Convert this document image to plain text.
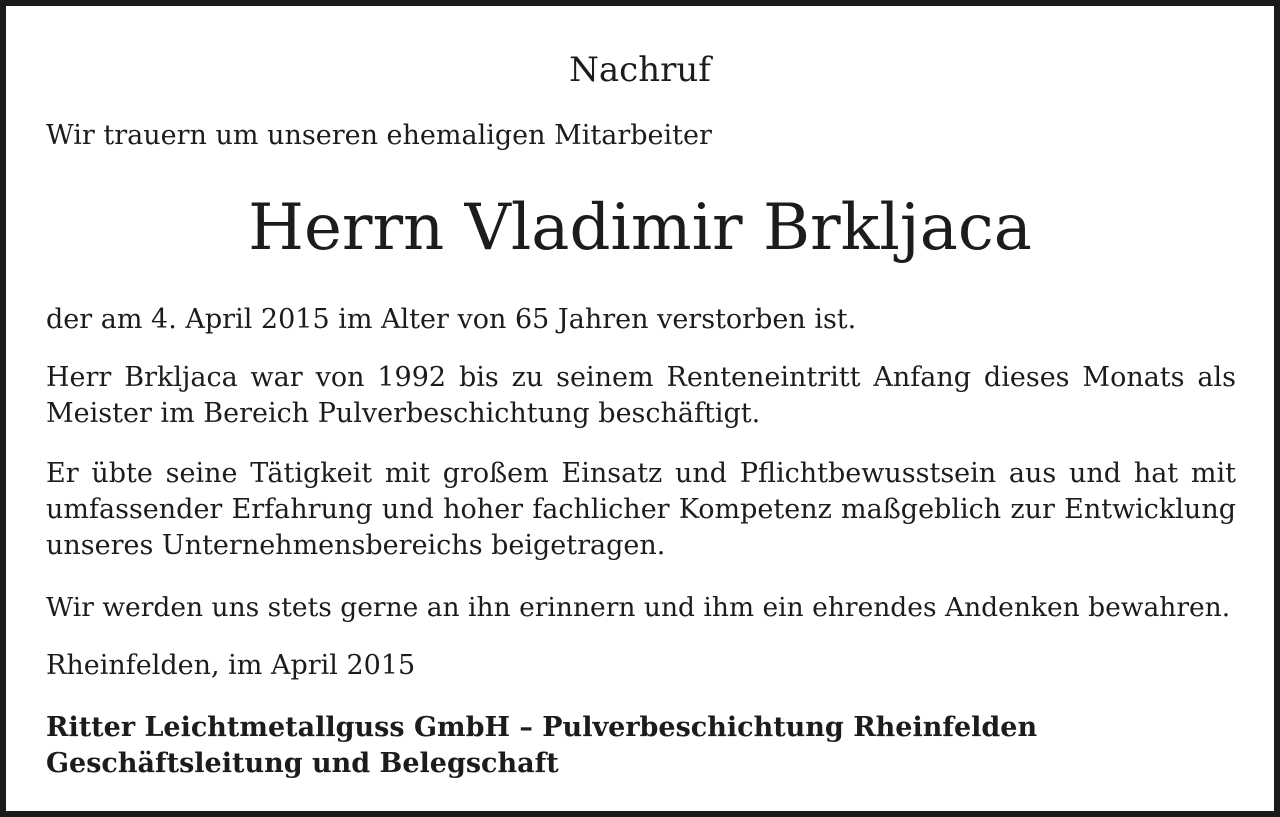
Nachruf
Wir trauern um unseren ehemaligen Mitarbeiter
Herrn Vladimir Brkljaca
der am 4. April 2015 im Alter von 65 Jahren verstorben ist.
Herr Brkljaca war von 1992 bis zu seinem Renteneintritt Anfang dieses Monats als Meister im Bereich Pulverbeschichtung beschäftigt.
Er übte seine Tätigkeit mit großem Einsatz und Pflichtbewusstsein aus und hat mit umfassender Erfahrung und hoher fachlicher Kompetenz maßgeblich zur Entwicklung unseres Unternehmensbereichs beigetragen.
Wir werden uns stets gerne an ihn erinnern und ihm ein ehrendes Andenken bewahren.
Rheinfelden, im April 2015
Ritter Leichtmetallguss GmbH – Pulverbeschichtung Rheinfelden
Geschäftsleitung und Belegschaft
